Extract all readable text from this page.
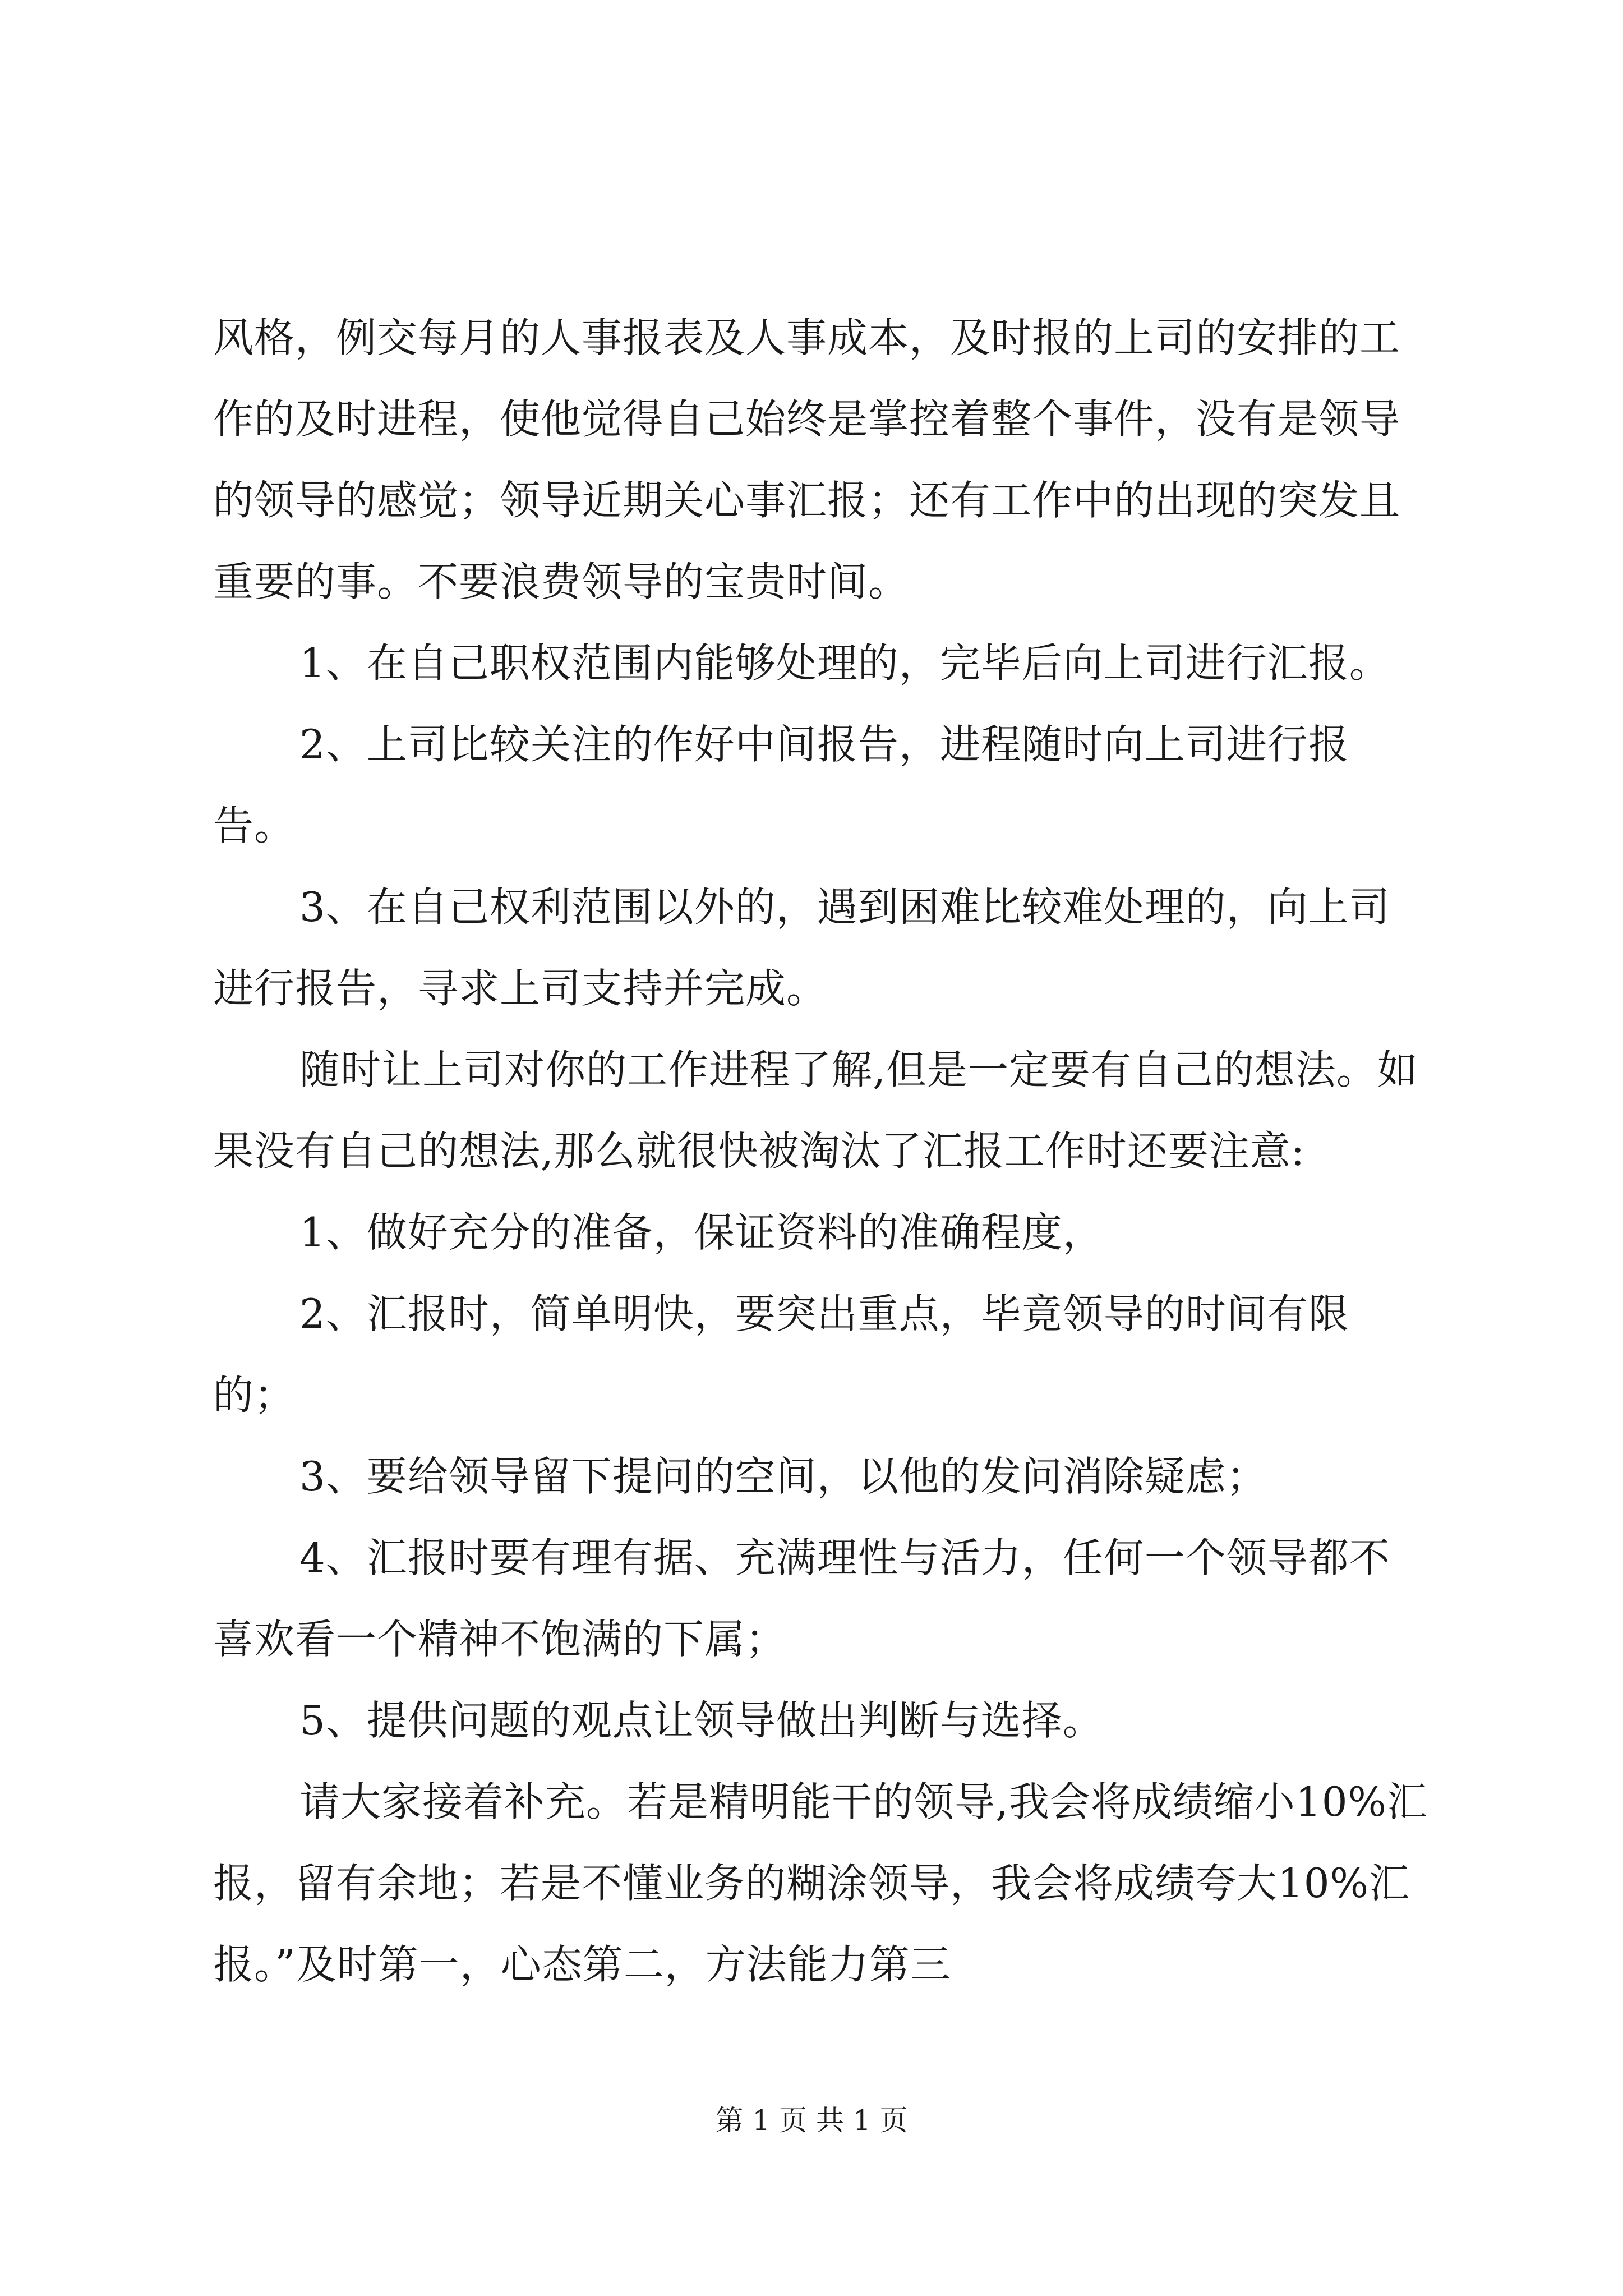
风格，例交每月的人事报表及人事成本，及时报的上司的安排的工作的及时进程，使他觉得自己始终是掌控着整个事件，没有是领导的领导的感觉；领导近期关心事汇报；还有工作中的出现的突发且重要的事。不要浪费领导的宝贵时间。

1、在自己职权范围内能够处理的，完毕后向上司进行汇报。

2、上司比较关注的作好中间报告，进程随时向上司进行报告。

3、在自己权利范围以外的，遇到困难比较难处理的，向上司进行报告，寻求上司支持并完成。

随时让上司对你的工作进程了解,但是一定要有自己的想法。如果没有自己的想法,那么就很快被淘汰了汇报工作时还要注意:

1、做好充分的准备，保证资料的准确程度，

2、汇报时，简单明快，要突出重点，毕竟领导的时间有限的；

3、要给领导留下提问的空间，以他的发问消除疑虑；

4、汇报时要有理有据、充满理性与活力，任何一个领导都不喜欢看一个精神不饱满的下属；

5、提供问题的观点让领导做出判断与选择。

请大家接着补充。若是精明能干的领导,我会将成绩缩小10%汇报，留有余地；若是不懂业务的糊涂领导，我会将成绩夸大10%汇报。”及时第一，心态第二，方法能力第三

第 1 页 共 1 页
